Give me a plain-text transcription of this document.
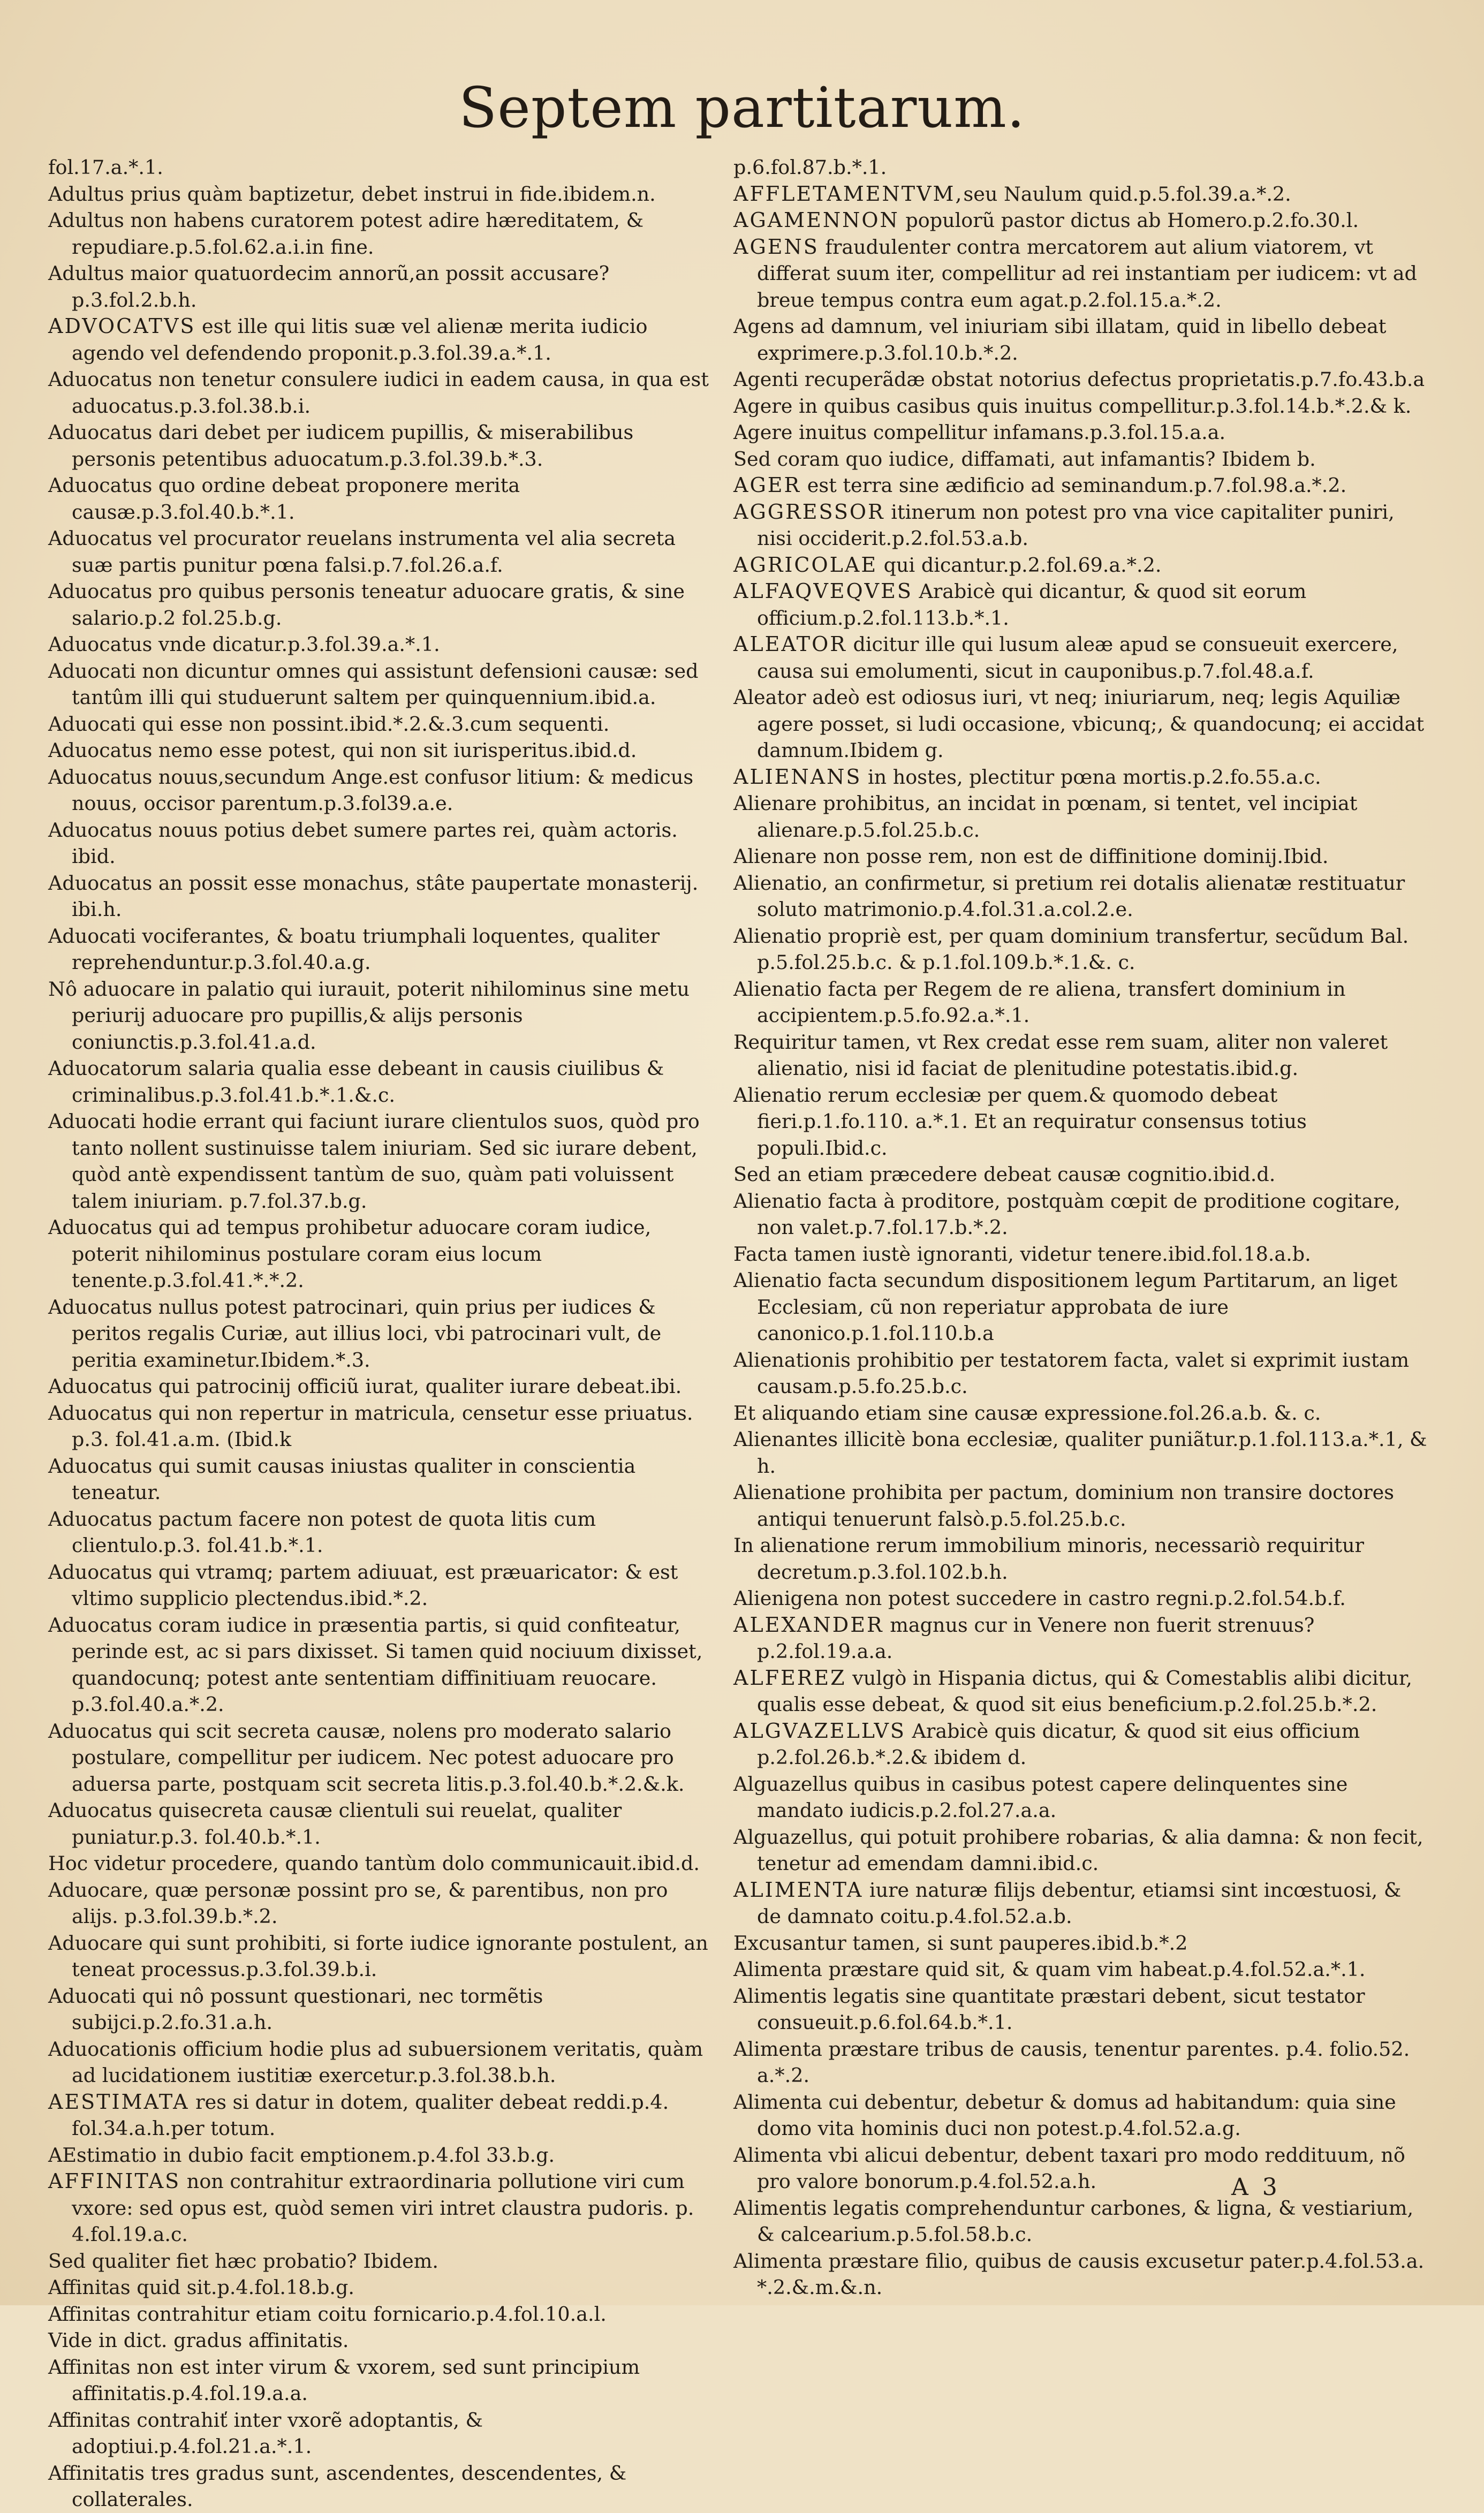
Septem partitarum.

fol.17.a.*.1.

Adultus prius quàm baptizetur, debet instrui in fide.ibidem.n.

Adultus non habens curatorem potest adire hæreditatem, & repudiare.p.5.fol.62.a.i.in fine.

Adultus maior quatuordecim annorũ,an possit accusare? p.3.fol.2.b.h.

ADVOCATVS est ille qui litis suæ vel alienæ merita iudicio agendo vel defendendo proponit.p.3.fol.39.a.*.1.

Aduocatus non tenetur consulere iudici in eadem causa, in qua est aduocatus.p.3.fol.38.b.i.

Aduocatus dari debet per iudicem pupillis, & miserabilibus personis petentibus aduocatum.p.3.fol.39.b.*.3.

Aduocatus quo ordine debeat proponere merita causæ.p.3.fol.40.b.*.1.

Aduocatus vel procurator reuelans instrumenta vel alia secreta suæ partis punitur pœna falsi.p.7.fol.26.a.f.

Aduocatus pro quibus personis teneatur aduocare gratis, & sine salario.p.2 fol.25.b.g.

Aduocatus vnde dicatur.p.3.fol.39.a.*.1.

Aduocati non dicuntur omnes qui assistunt defensioni causæ: sed tantûm illi qui studuerunt saltem per quinquennium.ibid.a.

Aduocati qui esse non possint.ibid.*.2.&.3.cum sequenti.

Aduocatus nemo esse potest, qui non sit iurisperitus.ibid.d.

Aduocatus nouus,secundum Ange.est confusor litium: & medicus nouus, occisor parentum.p.3.fol39.a.e.

Aduocatus nouus potius debet sumere partes rei, quàm actoris. ibid.

Aduocatus an possit esse monachus, stâte paupertate monasterij. ibi.h.

Aduocati vociferantes, & boatu triumphali loquentes, qualiter reprehenduntur.p.3.fol.40.a.g.

Nô aduocare in palatio qui iurauit, poterit nihilominus sine metu periurij aduocare pro pupillis,& alijs personis coniunctis.p.3.fol.41.a.d.

Aduocatorum salaria qualia esse debeant in causis ciuilibus & criminalibus.p.3.fol.41.b.*.1.&.c.

Aduocati hodie errant qui faciunt iurare clientulos suos, quòd pro tanto nollent sustinuisse talem iniuriam. Sed sic iurare debent, quòd antè expendissent tantùm de suo, quàm pati voluissent talem iniuriam. p.7.fol.37.b.g.

Aduocatus qui ad tempus prohibetur aduocare coram iudice, poterit nihilominus postulare coram eius locum tenente.p.3.fol.41.*.*.2.

Aduocatus nullus potest patrocinari, quin prius per iudices & peritos regalis Curiæ, aut illius loci, vbi patrocinari vult, de peritia examinetur.Ibidem.*.3.

Aduocatus qui patrocinij officiũ iurat, qualiter iurare debeat.ibi.

Aduocatus qui non repertur in matricula, censetur esse priuatus. p.3. fol.41.a.m. (Ibid.k

Aduocatus qui sumit causas iniustas qualiter in conscientia teneatur.

Aduocatus pactum facere non potest de quota litis cum clientulo.p.3. fol.41.b.*.1.

Aduocatus qui vtramq; partem adiuuat, est præuaricator: & est vltimo supplicio plectendus.ibid.*.2.

Aduocatus coram iudice in præsentia partis, si quid confiteatur, perinde est, ac si pars dixisset. Si tamen quid nociuum dixisset, quandocunq; potest ante sententiam diffinitiuam reuocare. p.3.fol.40.a.*.2.

Aduocatus qui scit secreta causæ, nolens pro moderato salario postulare, compellitur per iudicem. Nec potest aduocare pro aduersa parte, postquam scit secreta litis.p.3.fol.40.b.*.2.&.k.

Aduocatus quisecreta causæ clientuli sui reuelat, qualiter puniatur.p.3. fol.40.b.*.1.

Hoc videtur procedere, quando tantùm dolo communicauit.ibid.d.

Aduocare, quæ personæ possint pro se, & parentibus, non pro alijs. p.3.fol.39.b.*.2.

Aduocare qui sunt prohibiti, si forte iudice ignorante postulent, an teneat processus.p.3.fol.39.b.i.

Aduocati qui nô possunt questionari, nec tormẽtis subijci.p.2.fo.31.a.h.

Aduocationis officium hodie plus ad subuersionem veritatis, quàm ad lucidationem iustitiæ exercetur.p.3.fol.38.b.h.

AESTIMATA res si datur in dotem, qualiter debeat reddi.p.4. fol.34.a.h.per totum.

AEstimatio in dubio facit emptionem.p.4.fol 33.b.g.

AFFINITAS non contrahitur extraordinaria pollutione viri cum vxore: sed opus est, quòd semen viri intret claustra pudoris. p. 4.fol.19.a.c.

Sed qualiter fiet hæc probatio? Ibidem.

Affinitas quid sit.p.4.fol.18.b.g.

Affinitas contrahitur etiam coitu fornicario.p.4.fol.10.a.l.

Vide in dict. gradus affinitatis.

Affinitas non est inter virum & vxorem, sed sunt principium affinitatis.p.4.fol.19.a.a.

Affinitas contrahiť inter vxorẽ adoptantis, & adoptiui.p.4.fol.21.a.*.1.

Affinitatis tres gradus sunt, ascendentes, descendentes, & collaterales.

p.6.fol.87.b.*.1.

AFFLETAMENTVM,seu Naulum quid.p.5.fol.39.a.*.2.

AGAMENNON populorũ pastor dictus ab Homero.p.2.fo.30.l.

AGENS fraudulenter contra mercatorem aut alium viatorem, vt differat suum iter, compellitur ad rei instantiam per iudicem: vt ad breue tempus contra eum agat.p.2.fol.15.a.*.2.

Agens ad damnum, vel iniuriam sibi illatam, quid in libello debeat exprimere.p.3.fol.10.b.*.2.

Agenti recuperãdæ obstat notorius defectus proprietatis.p.7.fo.43.b.a

Agere in quibus casibus quis inuitus compellitur.p.3.fol.14.b.*.2.& k.

Agere inuitus compellitur infamans.p.3.fol.15.a.a.

Sed coram quo iudice, diffamati, aut infamantis? Ibidem b.

AGER est terra sine ædificio ad seminandum.p.7.fol.98.a.*.2.

AGGRESSOR itinerum non potest pro vna vice capitaliter puniri, nisi occiderit.p.2.fol.53.a.b.

AGRICOLAE qui dicantur.p.2.fol.69.a.*.2.

ALFAQVEQVES Arabicè qui dicantur, & quod sit eorum officium.p.2.fol.113.b.*.1.

ALEATOR dicitur ille qui lusum aleæ apud se consueuit exercere, causa sui emolumenti, sicut in cauponibus.p.7.fol.48.a.f.

Aleator adeò est odiosus iuri, vt neq; iniuriarum, neq; legis Aquiliæ agere posset, si ludi occasione, vbicunq;, & quandocunq; ei accidat damnum.Ibidem g.

ALIENANS in hostes, plectitur pœna mortis.p.2.fo.55.a.c.

Alienare prohibitus, an incidat in pœnam, si tentet, vel incipiat alienare.p.5.fol.25.b.c.

Alienare non posse rem, non est de diffinitione dominij.Ibid.

Alienatio, an confirmetur, si pretium rei dotalis alienatæ restituatur soluto matrimonio.p.4.fol.31.a.col.2.e.

Alienatio propriè est, per quam dominium transfertur, secũdum Bal. p.5.fol.25.b.c. & p.1.fol.109.b.*.1.&. c.

Alienatio facta per Regem de re aliena, transfert dominium in accipientem.p.5.fo.92.a.*.1.

Requiritur tamen, vt Rex credat esse rem suam, aliter non valeret alienatio, nisi id faciat de plenitudine potestatis.ibid.g.

Alienatio rerum ecclesiæ per quem.& quomodo debeat fieri.p.1.fo.110. a.*.1. Et an requiratur consensus totius populi.Ibid.c.

Sed an etiam præcedere debeat causæ cognitio.ibid.d.

Alienatio facta à proditore, postquàm cœpit de proditione cogitare, non valet.p.7.fol.17.b.*.2.

Facta tamen iustè ignoranti, videtur tenere.ibid.fol.18.a.b.

Alienatio facta secundum dispositionem legum Partitarum, an liget Ecclesiam, cũ non reperiatur approbata de iure canonico.p.1.fol.110.b.a

Alienationis prohibitio per testatorem facta, valet si exprimit iustam causam.p.5.fo.25.b.c.

Et aliquando etiam sine causæ expressione.fol.26.a.b. &. c.

Alienantes illicitè bona ecclesiæ, qualiter puniãtur.p.1.fol.113.a.*.1, & h.

Alienatione prohibita per pactum, dominium non transire doctores antiqui tenuerunt falsò.p.5.fol.25.b.c.

In alienatione rerum immobilium minoris, necessariò requiritur decretum.p.3.fol.102.b.h.

Alienigena non potest succedere in castro regni.p.2.fol.54.b.f.

ALEXANDER magnus cur in Venere non fuerit strenuus? p.2.fol.19.a.a.

ALFEREZ vulgò in Hispania dictus, qui & Comestablis alibi dicitur, qualis esse debeat, & quod sit eius beneficium.p.2.fol.25.b.*.2.

ALGVAZELLVS Arabicè quis dicatur, & quod sit eius officium p.2.fol.26.b.*.2.& ibidem d.

Alguazellus quibus in casibus potest capere delinquentes sine mandato iudicis.p.2.fol.27.a.a.

Alguazellus, qui potuit prohibere robarias, & alia damna: & non fecit, tenetur ad emendam damni.ibid.c.

ALIMENTA iure naturæ filijs debentur, etiamsi sint incœstuosi, & de damnato coitu.p.4.fol.52.a.b.

Excusantur tamen, si sunt pauperes.ibid.b.*.2

Alimenta præstare quid sit, & quam vim habeat.p.4.fol.52.a.*.1.

Alimentis legatis sine quantitate præstari debent, sicut testator consueuit.p.6.fol.64.b.*.1.

Alimenta præstare tribus de causis, tenentur parentes. p.4. folio.52. a.*.2.

Alimenta cui debentur, debetur & domus ad habitandum: quia sine domo vita hominis duci non potest.p.4.fol.52.a.g.

Alimenta vbi alicui debentur, debent taxari pro modo reddituum, nõ pro valore bonorum.p.4.fol.52.a.h.

Alimentis legatis comprehenduntur carbones, & ligna, & vestiarium, & calcearium.p.5.fol.58.b.c.

Alimenta præstare filio, quibus de causis excusetur pater.p.4.fol.53.a. *.2.&.m.&.n.

A 3
